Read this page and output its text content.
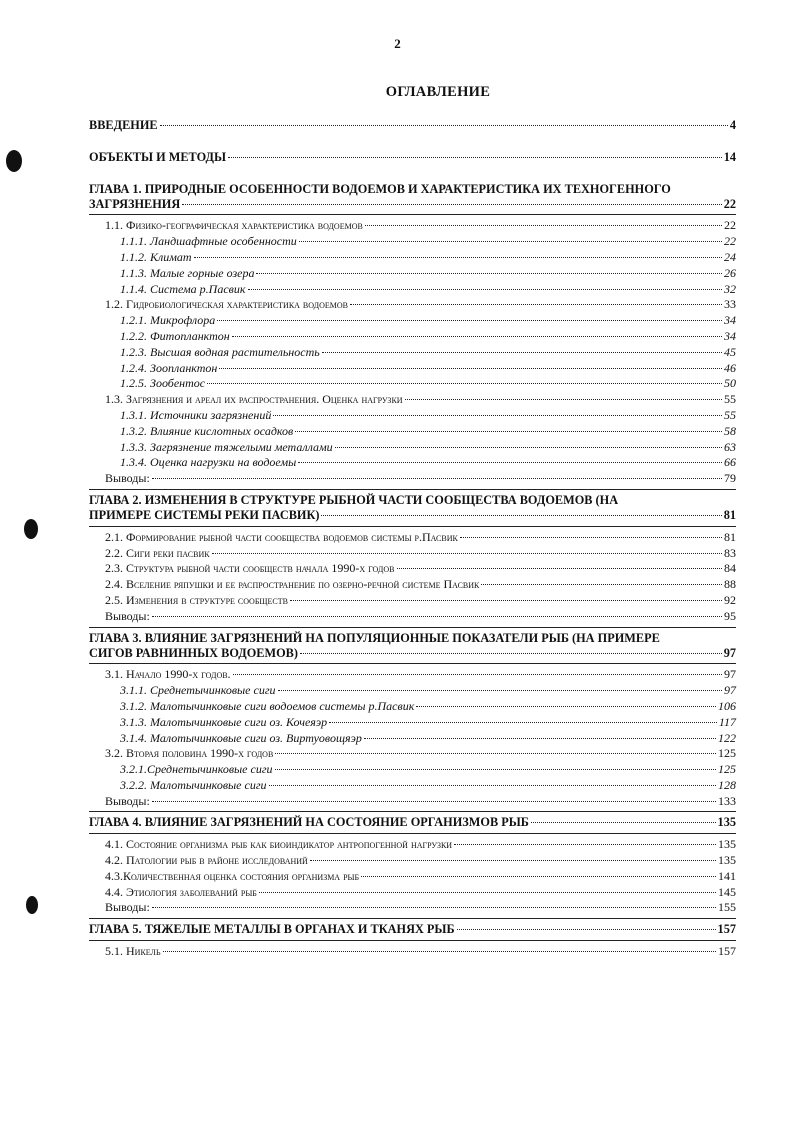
2
ОГЛАВЛЕНИЕ
ВВЕДЕНИЕ	4
ОБЪЕКТЫ И МЕТОДЫ	14
ГЛАВА 1. ПРИРОДНЫЕ ОСОБЕННОСТИ ВОДОЕМОВ И ХАРАКТЕРИСТИКА ИХ ТЕХНОГЕННОГО
ЗАГРЯЗНЕНИЯ	22
1.1. Физико-географическая характеристика водоемов	22
1.1.1. Ландшафтные особенности	22
1.1.2. Климат	24
1.1.3. Малые горные озера	26
1.1.4. Система р.Пасвик	32
1.2. Гидробиологическая характеристика водоемов	33
1.2.1. Микрофлора	34
1.2.2. Фитопланктон	34
1.2.3. Высшая водная растительность	45
1.2.4. Зоопланктон	46
1.2.5. Зообентос	50
1.3. Загрязнения и ареал их распространения. Оценка нагрузки	55
1.3.1. Источники загрязнений	55
1.3.2. Влияние кислотных осадков	58
1.3.3. Загрязнение тяжелыми металлами	63
1.3.4. Оценка нагрузки на водоемы	66
Выводы:	79
ГЛАВА 2. ИЗМЕНЕНИЯ В СТРУКТУРЕ РЫБНОЙ ЧАСТИ СООБЩЕСТВА ВОДОЕМОВ (НА
ПРИМЕРЕ СИСТЕМЫ РЕКИ ПАСВИК)	81
2.1. Формирование рыбной части сообщества водоемов системы р.Пасвик	81
2.2. Сиги реки пасвик	83
2.3. Структура рыбной части сообществ начала 1990-х годов	84
2.4. Вселение ряпушки и ее распространение по озерно-речной системе Пасвик	88
2.5. Изменения в структуре сообществ	92
Выводы:	95
ГЛАВА 3. ВЛИЯНИЕ ЗАГРЯЗНЕНИЙ НА ПОПУЛЯЦИОННЫЕ ПОКАЗАТЕЛИ РЫБ (НА ПРИМЕРЕ
СИГОВ РАВНИННЫХ ВОДОЕМОВ)	97
3.1. Начало 1990-х годов.	97
3.1.1. Среднетычинковые сиги	97
3.1.2. Малотычинковые сиги водоемов системы р.Пасвик	106
3.1.3. Малотычинковые сиги оз. Кочеяэр	117
3.1.4. Малотычинковые сиги оз. Виртуовощяэр	122
3.2. Вторая половина 1990-х годов	125
3.2.1.Среднетычинковые сиги	125
3.2.2. Малотычинковые сиги	128
Выводы:	133
ГЛАВА 4. ВЛИЯНИЕ ЗАГРЯЗНЕНИЙ НА СОСТОЯНИЕ ОРГАНИЗМОВ РЫБ	135
4.1. Состояние организма рыб как биоиндикатор антропогенной нагрузки	135
4.2. Патологии рыб в районе исследований	135
4.3.Количественная оценка состояния организма рыб	141
4.4. Этиология заболеваний рыб	145
Выводы:	155
ГЛАВА 5. ТЯЖЕЛЫЕ МЕТАЛЛЫ В ОРГАНАХ И ТКАНЯХ РЫБ	157
5.1. Никель	157
